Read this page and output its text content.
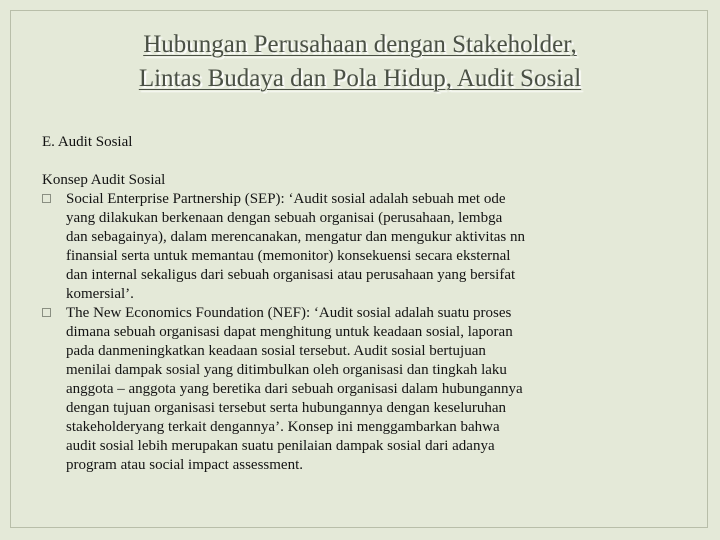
Hubungan Perusahaan dengan Stakeholder,
Lintas Budaya dan Pola Hidup, Audit Sosial
E. Audit Sosial
Konsep Audit Sosial
Social Enterprise Partnership (SEP): ‘Audit sosial adalah sebuah met ode
yang dilakukan berkenaan dengan sebuah organisai (perusahaan, lembga
dan sebagainya), dalam merencanakan, mengatur dan mengukur aktivitas nn
finansial serta untuk memantau (memonitor) konsekuensi secara eksternal
dan internal sekaligus dari sebuah organisasi atau perusahaan yang bersifat
komersial’.
The New Economics Foundation (NEF): ‘Audit sosial adalah suatu proses
dimana sebuah organisasi dapat menghitung untuk keadaan sosial, laporan
pada danmeningkatkan keadaan sosial tersebut. Audit sosial bertujuan
menilai dampak sosial yang ditimbulkan oleh organisasi dan tingkah laku
anggota – anggota yang beretika dari sebuah organisasi dalam hubungannya
dengan tujuan organisasi tersebut serta hubungannya dengan keseluruhan
stakeholderyang terkait dengannya’. Konsep ini menggambarkan bahwa
audit sosial lebih merupakan suatu penilaian dampak sosial dari adanya
program atau social impact assessment.
